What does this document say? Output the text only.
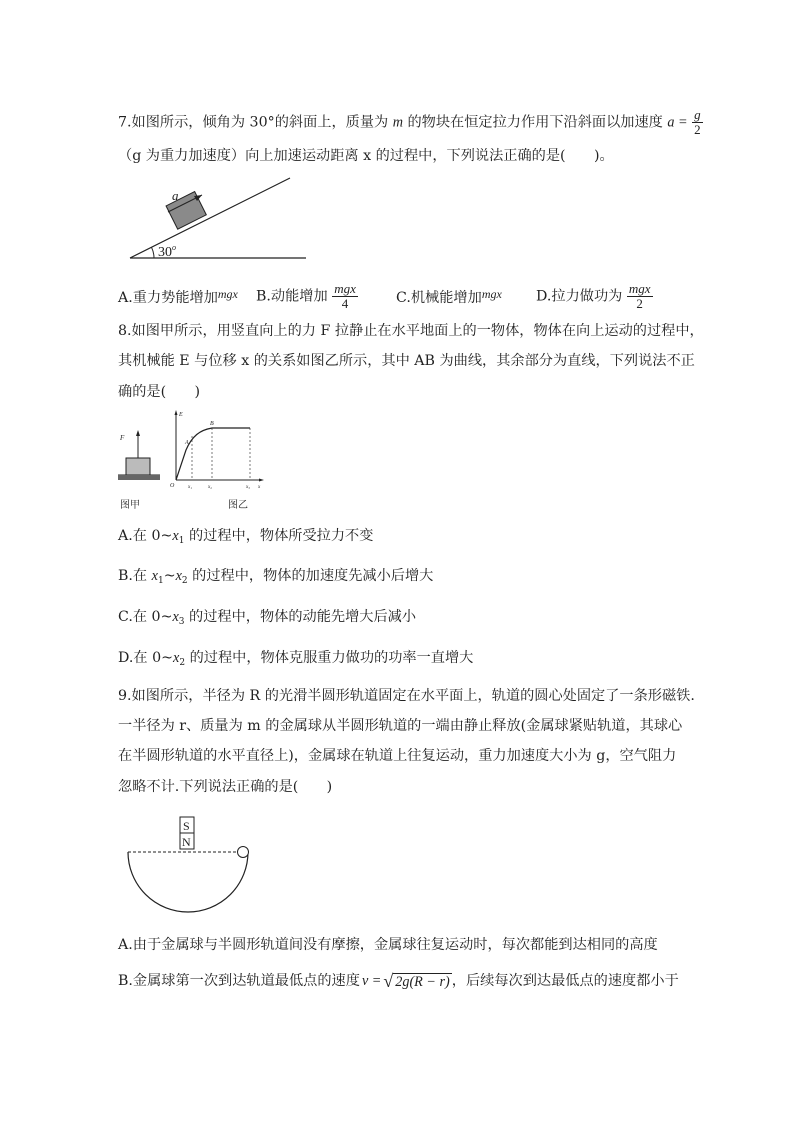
7.如图所示，倾角为 30°的斜面上，质量为 m 的物块在恒定拉力作用下沿斜面以加速度 $a = \frac{g}{2}$
（g 为重力加速度）向上加速运动距离 x 的过程中，下列说法正确的是(　　)。
a
30$^o$
A.重力势能增加$^{mgx}$	B.动能增加 $\frac{\text{mgx}}{4}$	C.机械能增加$^{mgx}$	D.拉力做功为 $\frac{\text{mgx}}{2}$
8.如图甲所示，用竖直向上的力 F 拉静止在水平地面上的一物体，物体在向上运动的过程中，
其机械能 E 与位移 x 的关系如图乙所示，其中 AB 为曲线，其余部分为直线，下列说法不正
确的是(　　)
F
图甲
E
O
A
B
x₁	x₂	x₃ x
图乙
A.在 $0\sim x_1$ 的过程中，物体所受拉力不变
B.在 $x_1\sim x_2$ 的过程中，物体的加速度先减小后增大
C.在 $0\sim x_3$ 的过程中，物体的动能先增大后减小
D.在 $0\sim x_2$ 的过程中，物体克服重力做功的功率一直增大
9.如图所示，半径为 R 的光滑半圆形轨道固定在水平面上，轨道的圆心处固定了一条形磁铁.
一半径为 r、质量为 m 的金属球从半圆形轨道的一端由静止释放(金属球紧贴轨道，其球心
在半圆形轨道的水平直径上)，金属球在轨道上往复运动，重力加速度大小为 g，空气阻力
忽略不计.下列说法正确的是(　　)
S
N
A.由于金属球与半圆形轨道间没有摩擦，金属球往复运动时，每次都能到达相同的高度
B.金属球第一次到达轨道最低点的速度 v = √ 2g(R − r) ，后续每次到达最低点的速度都小于
